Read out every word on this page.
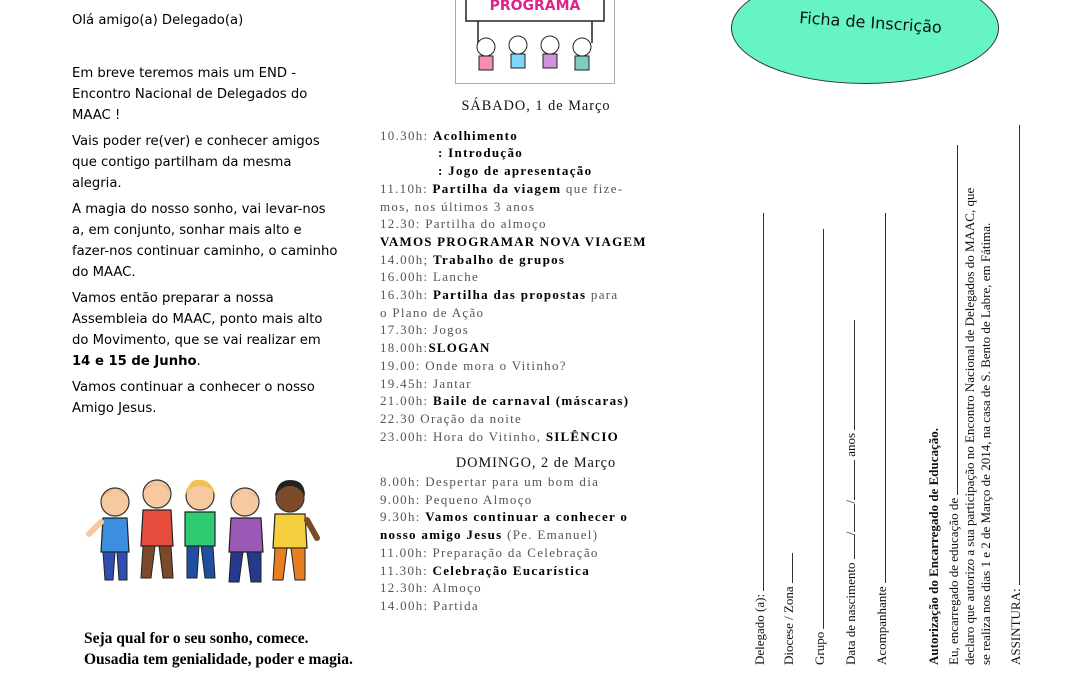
Olá amigo(a) Delegado(a)

Em breve teremos mais um END - Encontro Nacional de Delegados do MAAC !

Vais poder re(ver) e conhecer amigos que contigo partilham da mesma alegria.

A magia do nosso sonho, vai levar-nos a, em conjunto, sonhar mais alto e fazer-nos continuar caminho, o caminho do MAAC.

Vamos então preparar a nossa Assembleia do MAAC, ponto mais alto do Movimento, que se vai realizar em 14 e 15 de Junho.

Vamos continuar a conhecer o nosso Amigo Jesus.

Seja qual for o seu sonho, comece.
Ousadia tem genialidade, poder e magia.
PROGRAMA
SÁBADO, 1 de Março
10.30h: Acolhimento
: Introdução
: Jogo de apresentação
11.10h: Partilha da viagem que fize-
mos, nos últimos 3 anos
12.30: Partilha do almoço
VAMOS PROGRAMAR NOVA VIAGEM
14.00h; Trabalho de grupos
16.00h: Lanche
16.30h: Partilha das propostas para
o Plano de Ação
17.30h: Jogos
18.00h:SLOGAN
19.00: Onde mora o Vitinho?
19.45h: Jantar
21.00h: Baile de carnaval (máscaras)
22.30 Oração da noite
23.00h: Hora do Vitinho, SILÊNCIO
DOMINGO, 2 de Março
8.00h: Despertar para um bom dia
9.00h: Pequeno Almoço
9.30h: Vamos continuar a conhecer o
nosso amigo Jesus (Pe. Emanuel)
11.00h: Preparação da Celebração
11.30h: Celebração Eucarística
12.30h: Almoço
14.00h: Partida
Ficha de Inscrição
Delegado (a): Diocese / Zona Grupo Data de nascimento // anos
Acompanhante	Autorização do Encarregado de Educação. Eu, encarregado de educação de declaro que autorizo a sua participação no Encontro Nacional de Delegados do MAAC, que se realiza nos dias 1 e 2 de Março de 2014, na casa de S. Bento de Labre, em Fátima. ASSINTURA:
